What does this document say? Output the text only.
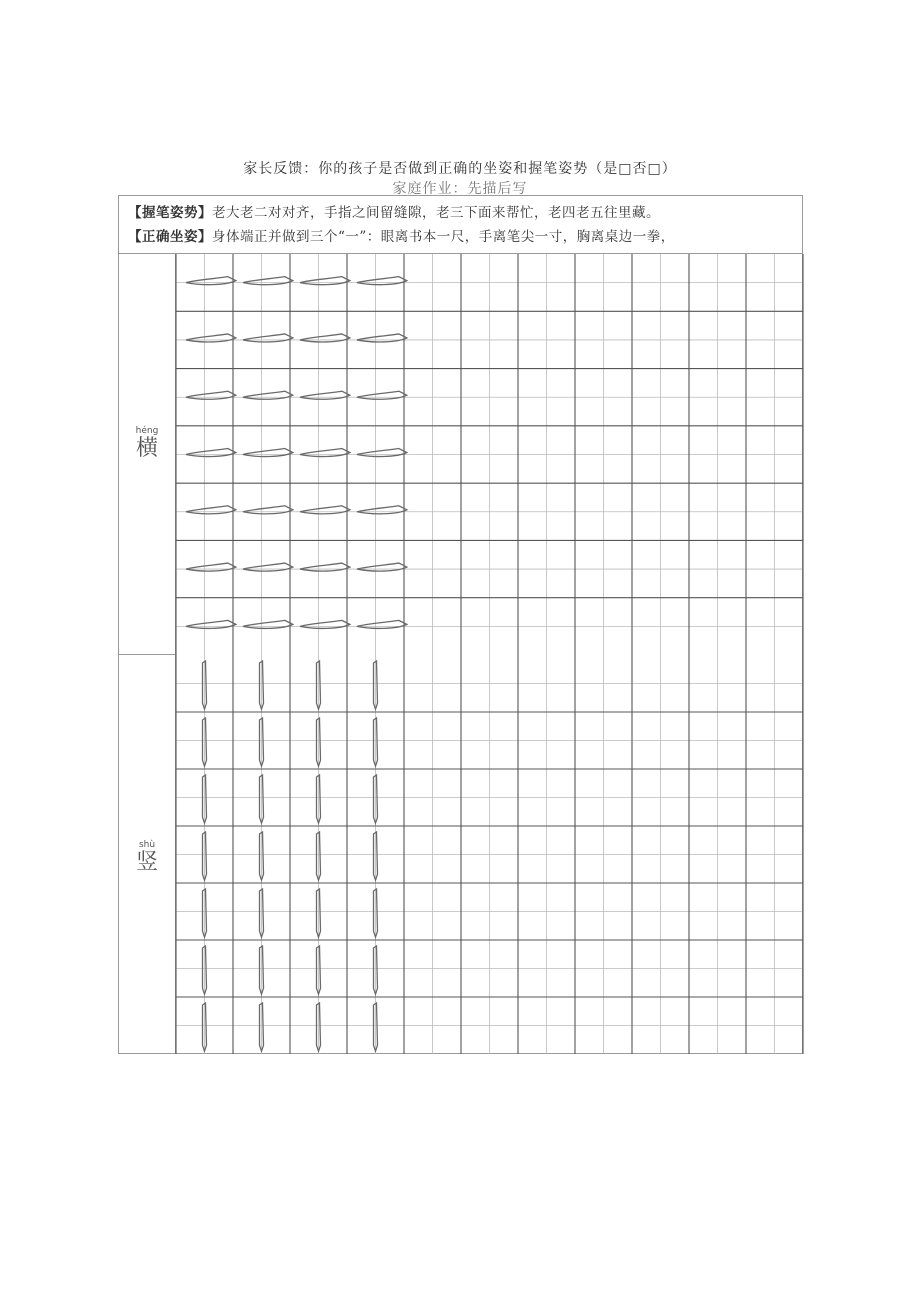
家长反馈：你的孩子是否做到正确的坐姿和握笔姿势（是□否□）
家庭作业：先描后写
【握笔姿势】老大老二对对齐，手指之间留缝隙，老三下面来帮忙，老四老五往里藏。
【正确坐姿】身体端正并做到三个“一”：眼离书本一尺，手离笔尖一寸，胸离桌边一拳，
héng
横
shù
竖
